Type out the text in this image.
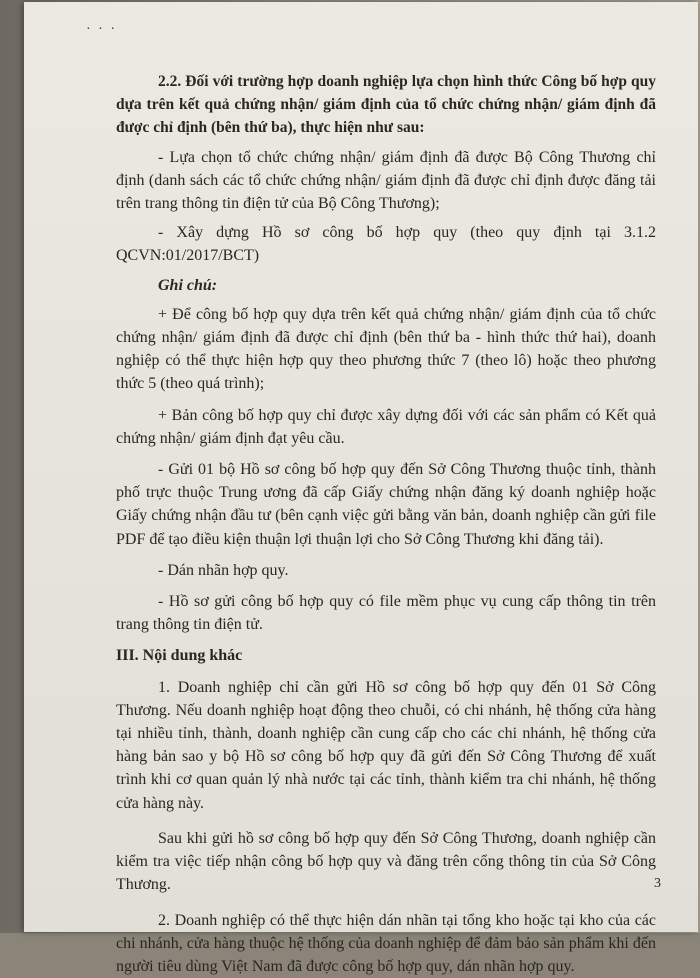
· · ·

2.2. Đối với trường hợp doanh nghiệp lựa chọn hình thức Công bố hợp quy dựa trên kết quả chứng nhận/ giám định của tổ chức chứng nhận/ giám định đã được chỉ định (bên thứ ba), thực hiện như sau:

- Lựa chọn tổ chức chứng nhận/ giám định đã được Bộ Công Thương chỉ định (danh sách các tổ chức chứng nhận/ giám định đã được chỉ định được đăng tải trên trang thông tin điện tử của Bộ Công Thương);

- Xây dựng Hồ sơ công bố hợp quy (theo quy định tại 3.1.2 QCVN:01/2017/BCT)

Ghi chú:

+ Để công bố hợp quy dựa trên kết quả chứng nhận/ giám định của tổ chức chứng nhận/ giám định đã được chỉ định (bên thứ ba - hình thức thứ hai), doanh nghiệp có thể thực hiện hợp quy theo phương thức 7 (theo lô) hoặc theo phương thức 5 (theo quá trình);

+ Bản công bố hợp quy chỉ được xây dựng đối với các sản phẩm có Kết quả chứng nhận/ giám định đạt yêu cầu.

- Gửi 01 bộ Hồ sơ công bố hợp quy đến Sở Công Thương thuộc tỉnh, thành phố trực thuộc Trung ương đã cấp Giấy chứng nhận đăng ký doanh nghiệp hoặc Giấy chứng nhận đầu tư (bên cạnh việc gửi bằng văn bản, doanh nghiệp cần gửi file PDF để tạo điều kiện thuận lợi thuận lợi cho Sở Công Thương khi đăng tải).

- Dán nhãn hợp quy.

- Hồ sơ gửi công bố hợp quy có file mềm phục vụ cung cấp thông tin trên trang thông tin điện tử.

III. Nội dung khác

1. Doanh nghiệp chỉ cần gửi Hồ sơ công bố hợp quy đến 01 Sở Công Thương. Nếu doanh nghiệp hoạt động theo chuỗi, có chi nhánh, hệ thống cửa hàng tại nhiều tỉnh, thành, doanh nghiệp cần cung cấp cho các chi nhánh, hệ thống cửa hàng bản sao y bộ Hồ sơ công bố hợp quy đã gửi đến Sở Công Thương để xuất trình khi cơ quan quản lý nhà nước tại các tỉnh, thành kiểm tra chi nhánh, hệ thống cửa hàng này.

Sau khi gửi hồ sơ công bố hợp quy đến Sở Công Thương, doanh nghiệp cần kiểm tra việc tiếp nhận công bố hợp quy và đăng trên cổng thông tin của Sở Công Thương.

2. Doanh nghiệp có thể thực hiện dán nhãn tại tổng kho hoặc tại kho của các chi nhánh, cửa hàng thuộc hệ thống của doanh nghiệp để đảm bảo sản phẩm khi đến người tiêu dùng Việt Nam đã được công bố hợp quy, dán nhãn hợp quy.

3
